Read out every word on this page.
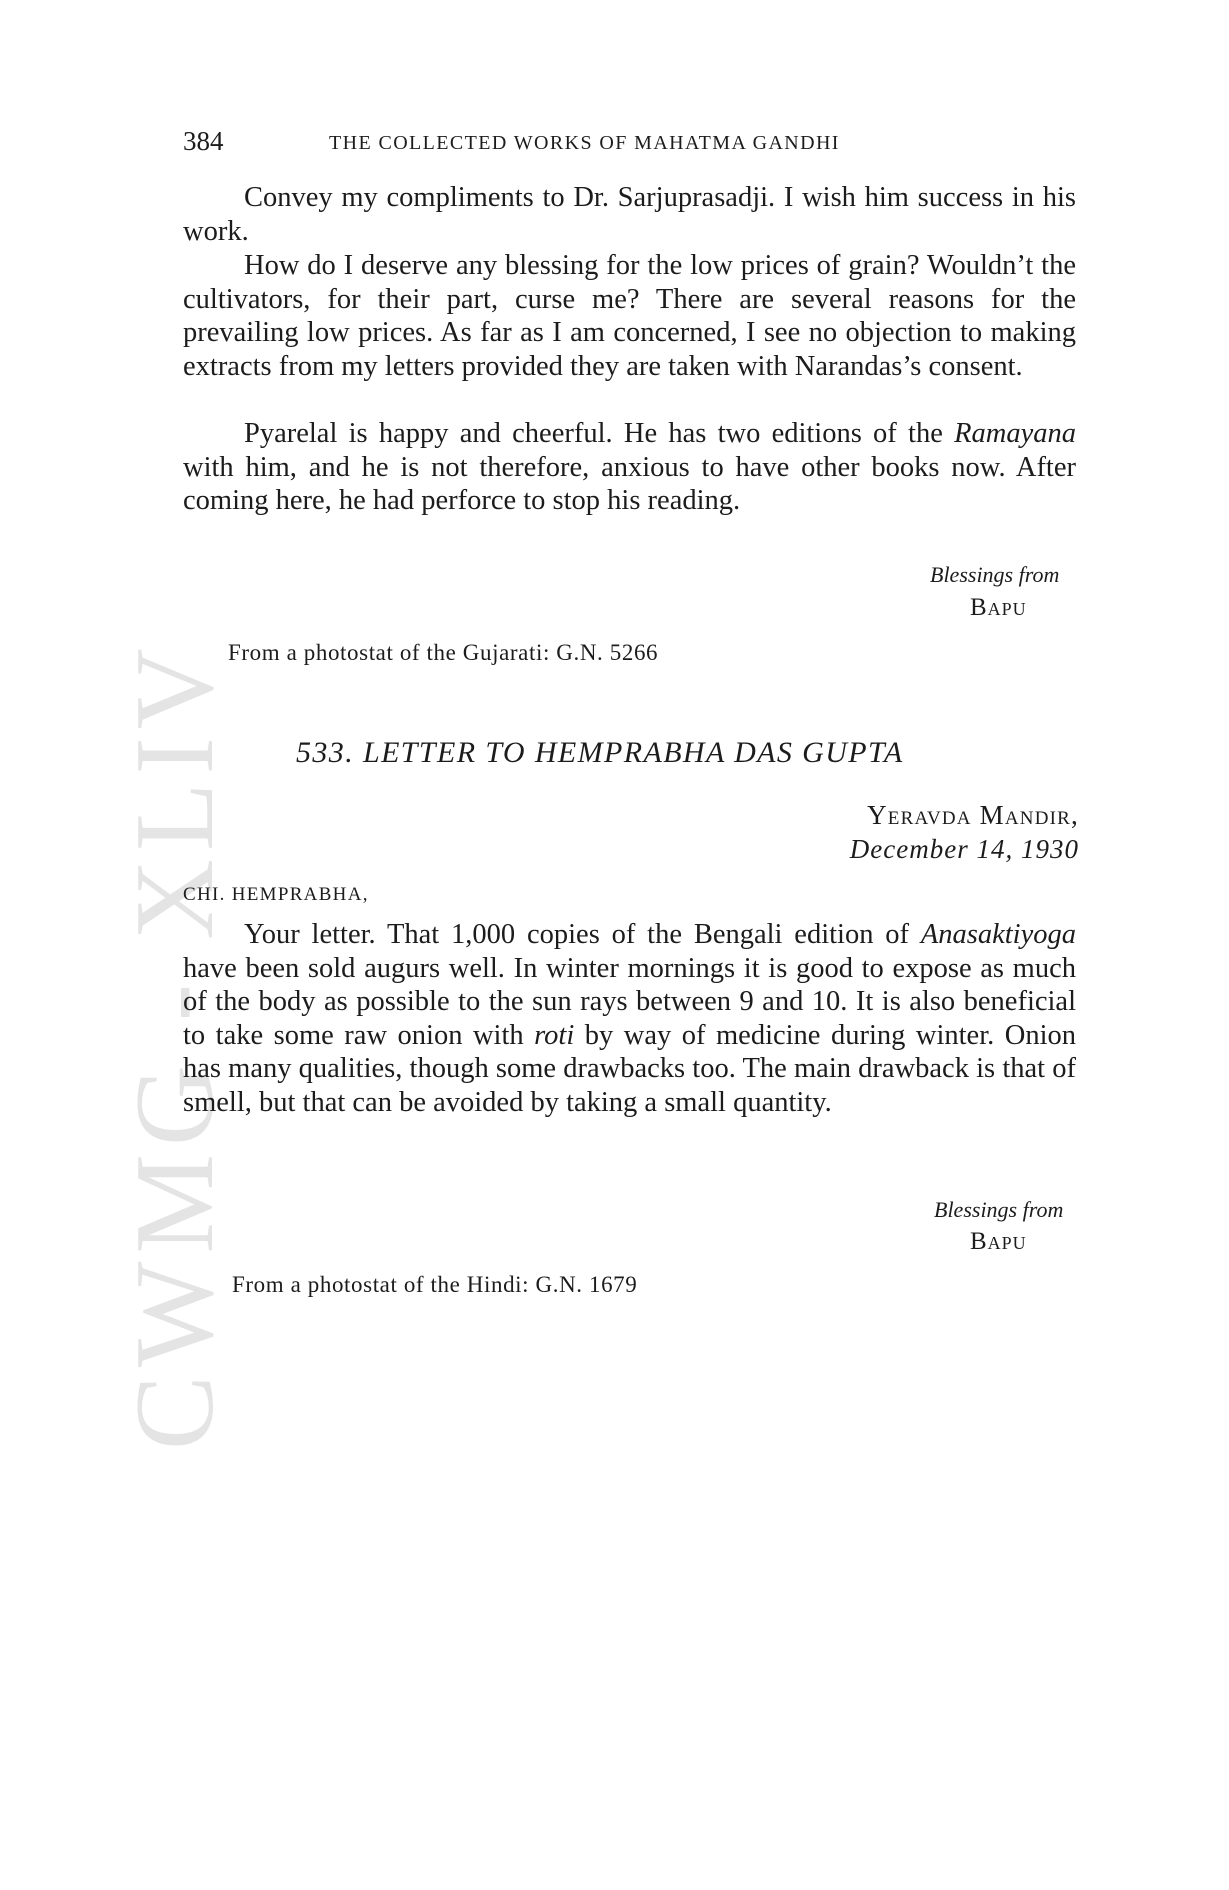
CWMG - XLIV
384	THE COLLECTED WORKS OF MAHATMA GANDHI

Convey my compliments to Dr. Sarjuprasadji. I wish him success in his work.

How do I deserve any blessing for the low prices of grain? Wouldn’t the cultivators, for their part, curse me? There are several reasons for the prevailing low prices. As far as I am concerned, I see no objection to making extracts from my letters provided they are taken with Narandas’s consent.

Pyarelal is happy and cheerful. He has two editions of the Ramayana with him, and he is not therefore, anxious to have other books now. After coming here, he had perforce to stop his reading.

Blessings from
Bapu
From a photostat of the Gujarati: G.N. 5266
533. LETTER TO HEMPRABHA DAS GUPTA
Yeravda Mandir,
December 14, 1930
CHI. HEMPRABHA,

Your letter. That 1,000 copies of the Bengali edition of Anasaktiyoga have been sold augurs well. In winter mornings it is good to expose as much of the body as possible to the sun rays between 9 and 10. It is also beneficial to take some raw onion with roti by way of medicine during winter. Onion has many qualities, though some drawbacks too. The main drawback is that of smell, but that can be avoided by taking a small quantity.

Blessings from
Bapu
From a photostat of the Hindi: G.N. 1679
